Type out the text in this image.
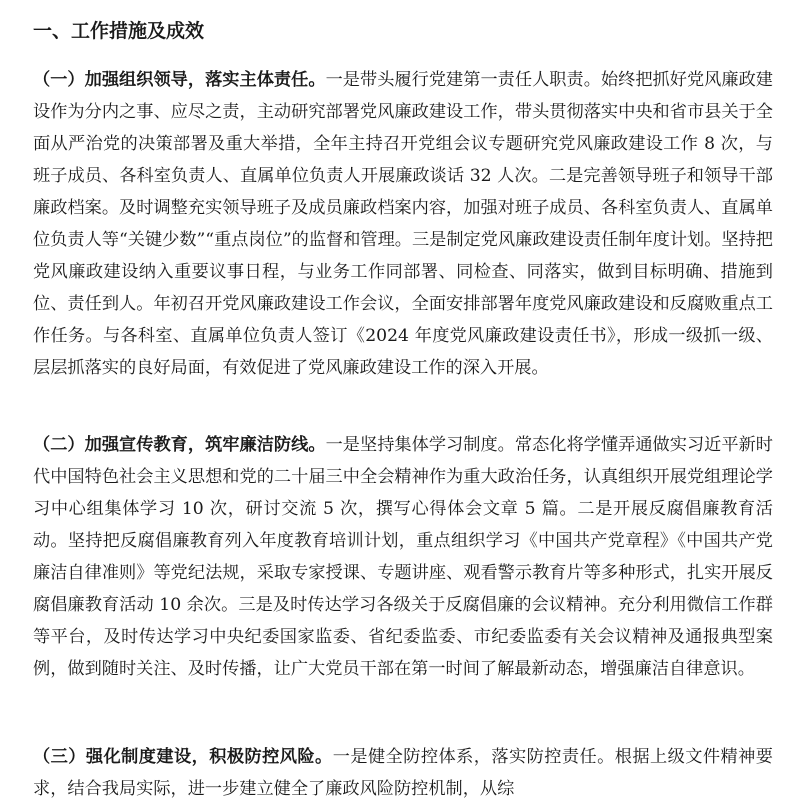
一、工作措施及成效

（一）加强组织领导，落实主体责任。一是带头履行党建第一责任人职责。始终把抓好党风廉政建设作为分内之事、应尽之责，主动研究部署党风廉政建设工作，带头贯彻落实中央和省市县关于全面从严治党的决策部署及重大举措，全年主持召开党组会议专题研究党风廉政建设工作 8 次，与班子成员、各科室负责人、直属单位负责人开展廉政谈话 32 人次。二是完善领导班子和领导干部廉政档案。及时调整充实领导班子及成员廉政档案内容，加强对班子成员、各科室负责人、直属单位负责人等“关键少数”“重点岗位”的监督和管理。三是制定党风廉政建设责任制年度计划。坚持把党风廉政建设纳入重要议事日程，与业务工作同部署、同检查、同落实，做到目标明确、措施到位、责任到人。年初召开党风廉政建设工作会议，全面安排部署年度党风廉政建设和反腐败重点工作任务。与各科室、直属单位负责人签订《2024 年度党风廉政建设责任书》，形成一级抓一级、层层抓落实的良好局面，有效促进了党风廉政建设工作的深入开展。

（二）加强宣传教育，筑牢廉洁防线。一是坚持集体学习制度。常态化将学懂弄通做实习近平新时代中国特色社会主义思想和党的二十届三中全会精神作为重大政治任务，认真组织开展党组理论学习中心组集体学习 10 次，研讨交流 5 次，撰写心得体会文章 5 篇。二是开展反腐倡廉教育活动。坚持把反腐倡廉教育列入年度教育培训计划，重点组织学习《中国共产党章程》《中国共产党廉洁自律准则》等党纪法规，采取专家授课、专题讲座、观看警示教育片等多种形式，扎实开展反腐倡廉教育活动 10 余次。三是及时传达学习各级关于反腐倡廉的会议精神。充分利用微信工作群等平台，及时传达学习中央纪委国家监委、省纪委监委、市纪委监委有关会议精神及通报典型案例，做到随时关注、及时传播，让广大党员干部在第一时间了解最新动态，增强廉洁自律意识。

（三）强化制度建设，积极防控风险。一是健全防控体系，落实防控责任。根据上级文件精神要求，结合我局实际，进一步建立健全了廉政风险防控机制，从综
